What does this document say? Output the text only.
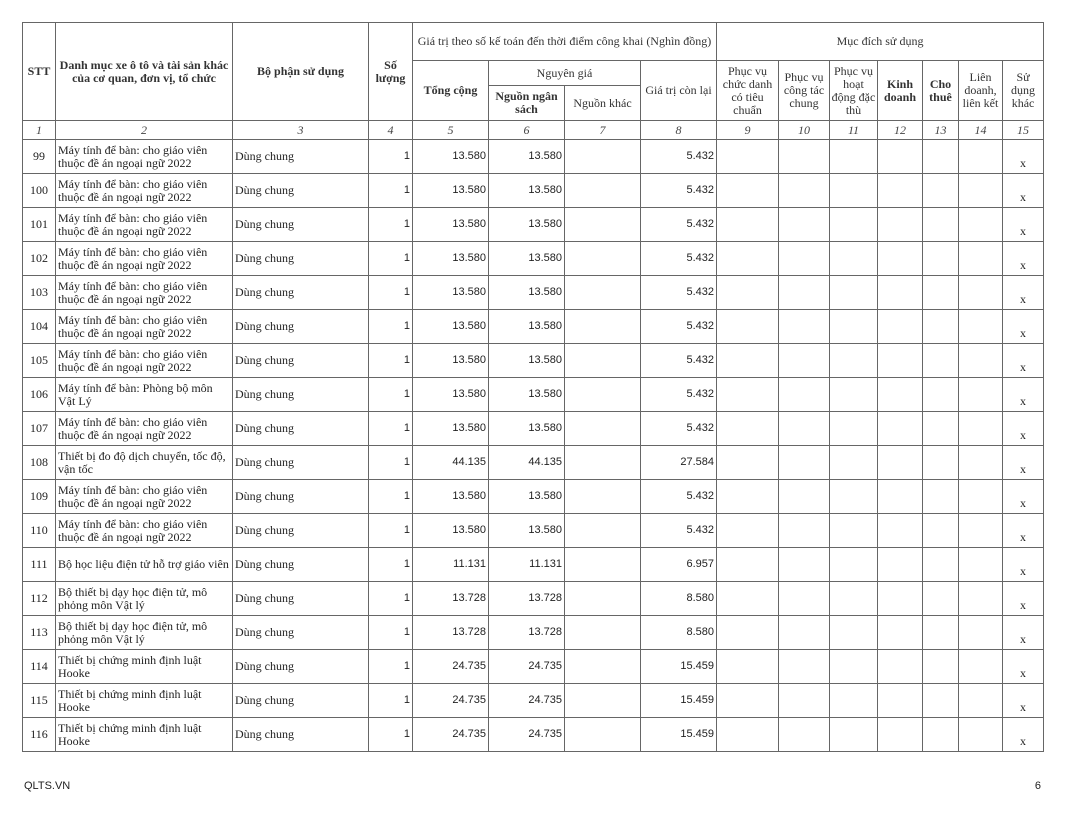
STT	Danh mục xe ô tô và tài sản khác của cơ quan, đơn vị, tổ chức	Bộ phận sử dụng	Số lượng	Giá trị theo số kế toán đến thời điểm công khai (Nghìn đồng)				Mục đích sử dụng						
				Tổng cộng	Nguyên giá		Giá trị còn lại	Phục vụ chức danh có tiêu chuẩn	Phục vụ công tác chung	Phục vụ hoạt động đặc thù	Kinh doanh	Cho thuê	Liên doanh, liên kết	Sử dụng khác
					Nguồn ngân sách	Nguồn khác								
1	2	3	4	5	6	7	8	9	10	11	12	13	14	15
99	Máy tính để bàn: cho giáo viên thuộc đề án ngoại ngữ 2022	Dùng chung	1	13.580	13.580		5.432							x
100	Máy tính để bàn: cho giáo viên thuộc đề án ngoại ngữ 2022	Dùng chung	1	13.580	13.580		5.432							x
101	Máy tính để bàn: cho giáo viên thuộc đề án ngoại ngữ 2022	Dùng chung	1	13.580	13.580		5.432							x
102	Máy tính để bàn: cho giáo viên thuộc đề án ngoại ngữ 2022	Dùng chung	1	13.580	13.580		5.432							x
103	Máy tính để bàn: cho giáo viên thuộc đề án ngoại ngữ 2022	Dùng chung	1	13.580	13.580		5.432							x
104	Máy tính để bàn: cho giáo viên thuộc đề án ngoại ngữ 2022	Dùng chung	1	13.580	13.580		5.432							x
105	Máy tính để bàn: cho giáo viên thuộc đề án ngoại ngữ 2022	Dùng chung	1	13.580	13.580		5.432							x
106	Máy tính để bàn: Phòng bộ môn Vật Lý	Dùng chung	1	13.580	13.580		5.432							x
107	Máy tính để bàn: cho giáo viên thuộc đề án ngoại ngữ 2022	Dùng chung	1	13.580	13.580		5.432							x
108	Thiết bị đo độ dịch chuyển, tốc độ, vận tốc	Dùng chung	1	44.135	44.135		27.584							x
109	Máy tính để bàn: cho giáo viên thuộc đề án ngoại ngữ 2022	Dùng chung	1	13.580	13.580		5.432							x
110	Máy tính để bàn: cho giáo viên thuộc đề án ngoại ngữ 2022	Dùng chung	1	13.580	13.580		5.432							x
111	Bộ học liệu điện tử hỗ trợ giáo viên	Dùng chung	1	11.131	11.131		6.957							x
112	Bộ thiết bị dạy học điện tử, mô phỏng môn Vật lý	Dùng chung	1	13.728	13.728		8.580							x
113	Bộ thiết bị dạy học điện tử, mô phỏng môn Vật lý	Dùng chung	1	13.728	13.728		8.580							x
114	Thiết bị chứng minh định luật Hooke	Dùng chung	1	24.735	24.735		15.459							x
115	Thiết bị chứng minh định luật Hooke	Dùng chung	1	24.735	24.735		15.459							x
116	Thiết bị chứng minh định luật Hooke	Dùng chung	1	24.735	24.735		15.459							x
QLTS.VN	6
